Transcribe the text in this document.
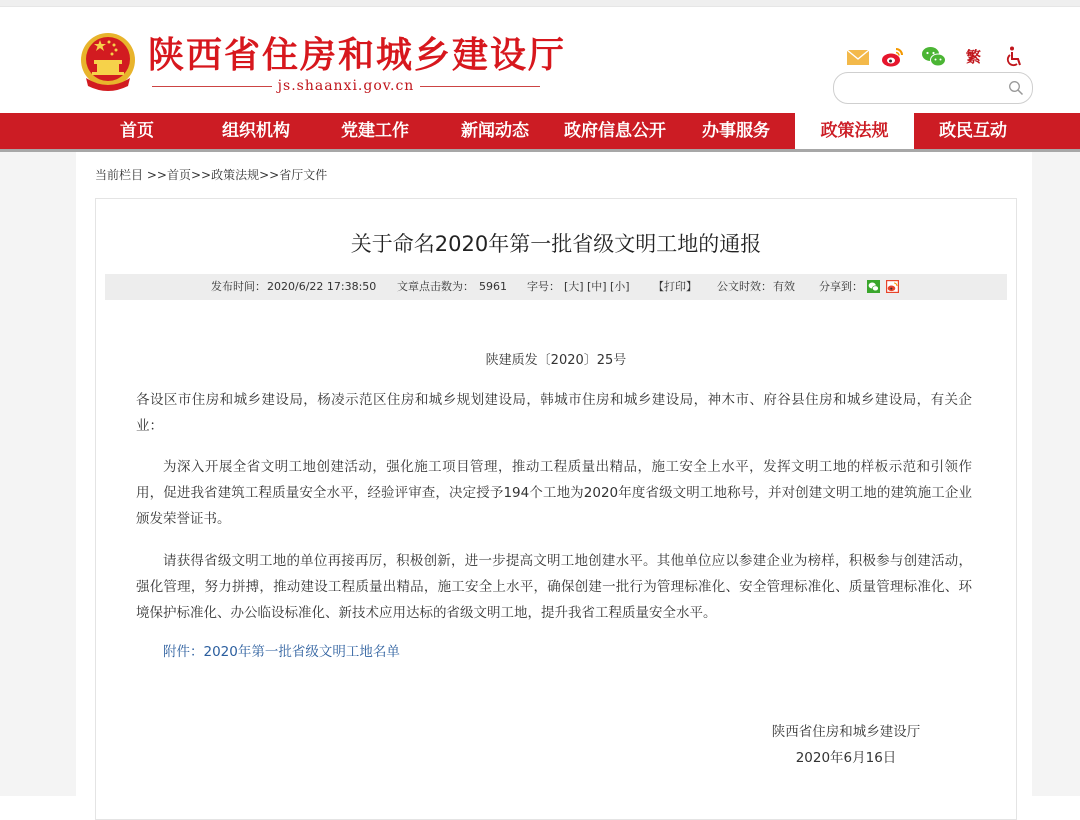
陕西省住房和城乡建设厅
js.shaanxi.gov.cn
繁
首页	组织机构	党建工作	新闻动态	政府信息公开	办事服务	政策法规	政民互动
当前栏目 >>首页>>政策法规>>省厅文件
关于命名2020年第一批省级文明工地的通报
发布时间： 2020/6/22 17:38:50 文章点击数为： 5961 字号： [大] [中] [小] 【打印】 公文时效： 有效 分享到：
陕建质发〔2020〕25号
各设区市住房和城乡建设局，杨凌示范区住房和城乡规划建设局，韩城市住房和城乡建设局，神木市、府谷县住房和城乡建设局，有关企业：
为深入开展全省文明工地创建活动，强化施工项目管理，推动工程质量出精品，施工安全上水平，发挥文明工地的样板示范和引领作用，促进我省建筑工程质量安全水平，经验评审查，决定授予194个工地为2020年度省级文明工地称号，并对创建文明工地的建筑施工企业颁发荣誉证书。
请获得省级文明工地的单位再接再厉，积极创新，进一步提高文明工地创建水平。其他单位应以参建企业为榜样，积极参与创建活动，强化管理，努力拼搏，推动建设工程质量出精品，施工安全上水平，确保创建一批行为管理标准化、安全管理标准化、质量管理标准化、环境保护标准化、办公临设标准化、新技术应用达标的省级文明工地，提升我省工程质量安全水平。
附件：2020年第一批省级文明工地名单
陕西省住房和城乡建设厅
2020年6月16日
